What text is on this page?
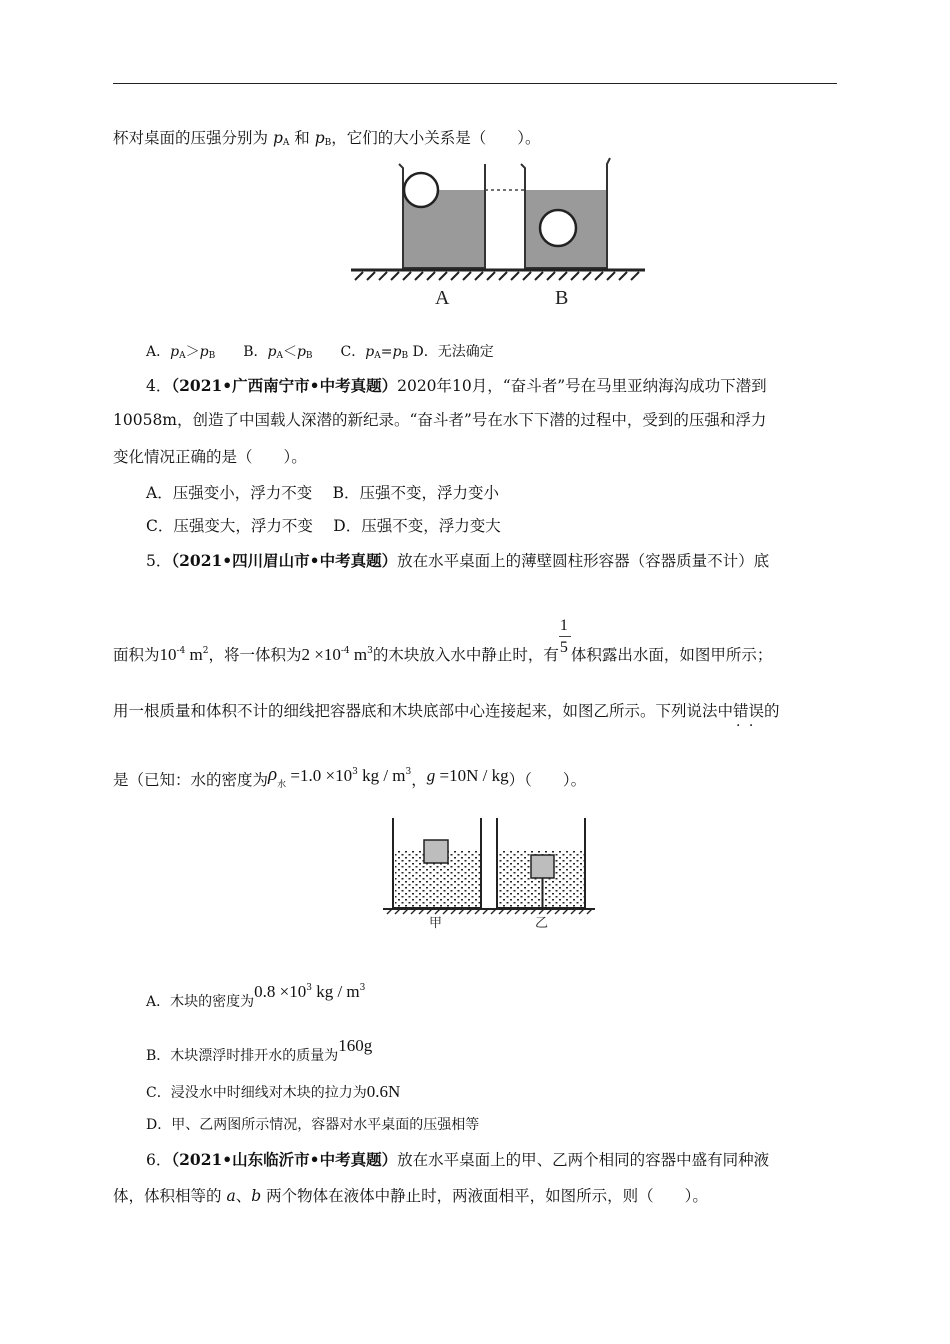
杯对桌面的压强分别为 $p_A$ 和 $p_B$，它们的大小关系是（　　）。
A	B
A．$p_A>p_B$　　 B．$p_A<p_B$　　 C．$p_A=p_B$ D．无法确定
4．（2021•广西南宁市•中考真题）2020年10月，“奋斗者”号在马里亚纳海沟成功下潜到
10058m，创造了中国载人深潜的新纪录。“奋斗者”号在水下下潜的过程中，受到的压强和浮力
变化情况正确的是（　　）。
A．压强变小，浮力不变　 B．压强不变，浮力变小
C．压强变大，浮力不变　 D．压强不变，浮力变大
5．（2021•四川眉山市•中考真题）放在水平桌面上的薄壁圆柱形容器（容器质量不计）底
面积为$10^{-4}$ $m^2$，将一体积为$2 \times 10^{-4}$ $m^3$的木块放入水中静止时，有 $\frac{1}{5}$ 体积露出水面，如图甲所示；
用一根质量和体积不计的细线把容器底和木块底部中心连接起来，如图乙所示。下列说法中错误 · ·的
是（已知：水的密度为$\rho_水 =1.0 \times 10^3$ kg / $m^3$，g =10N / kg）（　　）。
甲	乙
A．木块的密度为$0.8 \times 10^3$ kg / $m^3$
B．木块漂浮时排开水的质量为160g
C．浸没水中时细线对木块的拉力为0.6N
D．甲、乙两图所示情况，容器对水平桌面的压强相等
6．（2021•山东临沂市•中考真题）放在水平桌面上的甲、乙两个相同的容器中盛有同种液
体，体积相等的 a、b 两个物体在液体中静止时，两液面相平，如图所示，则（　　）。
